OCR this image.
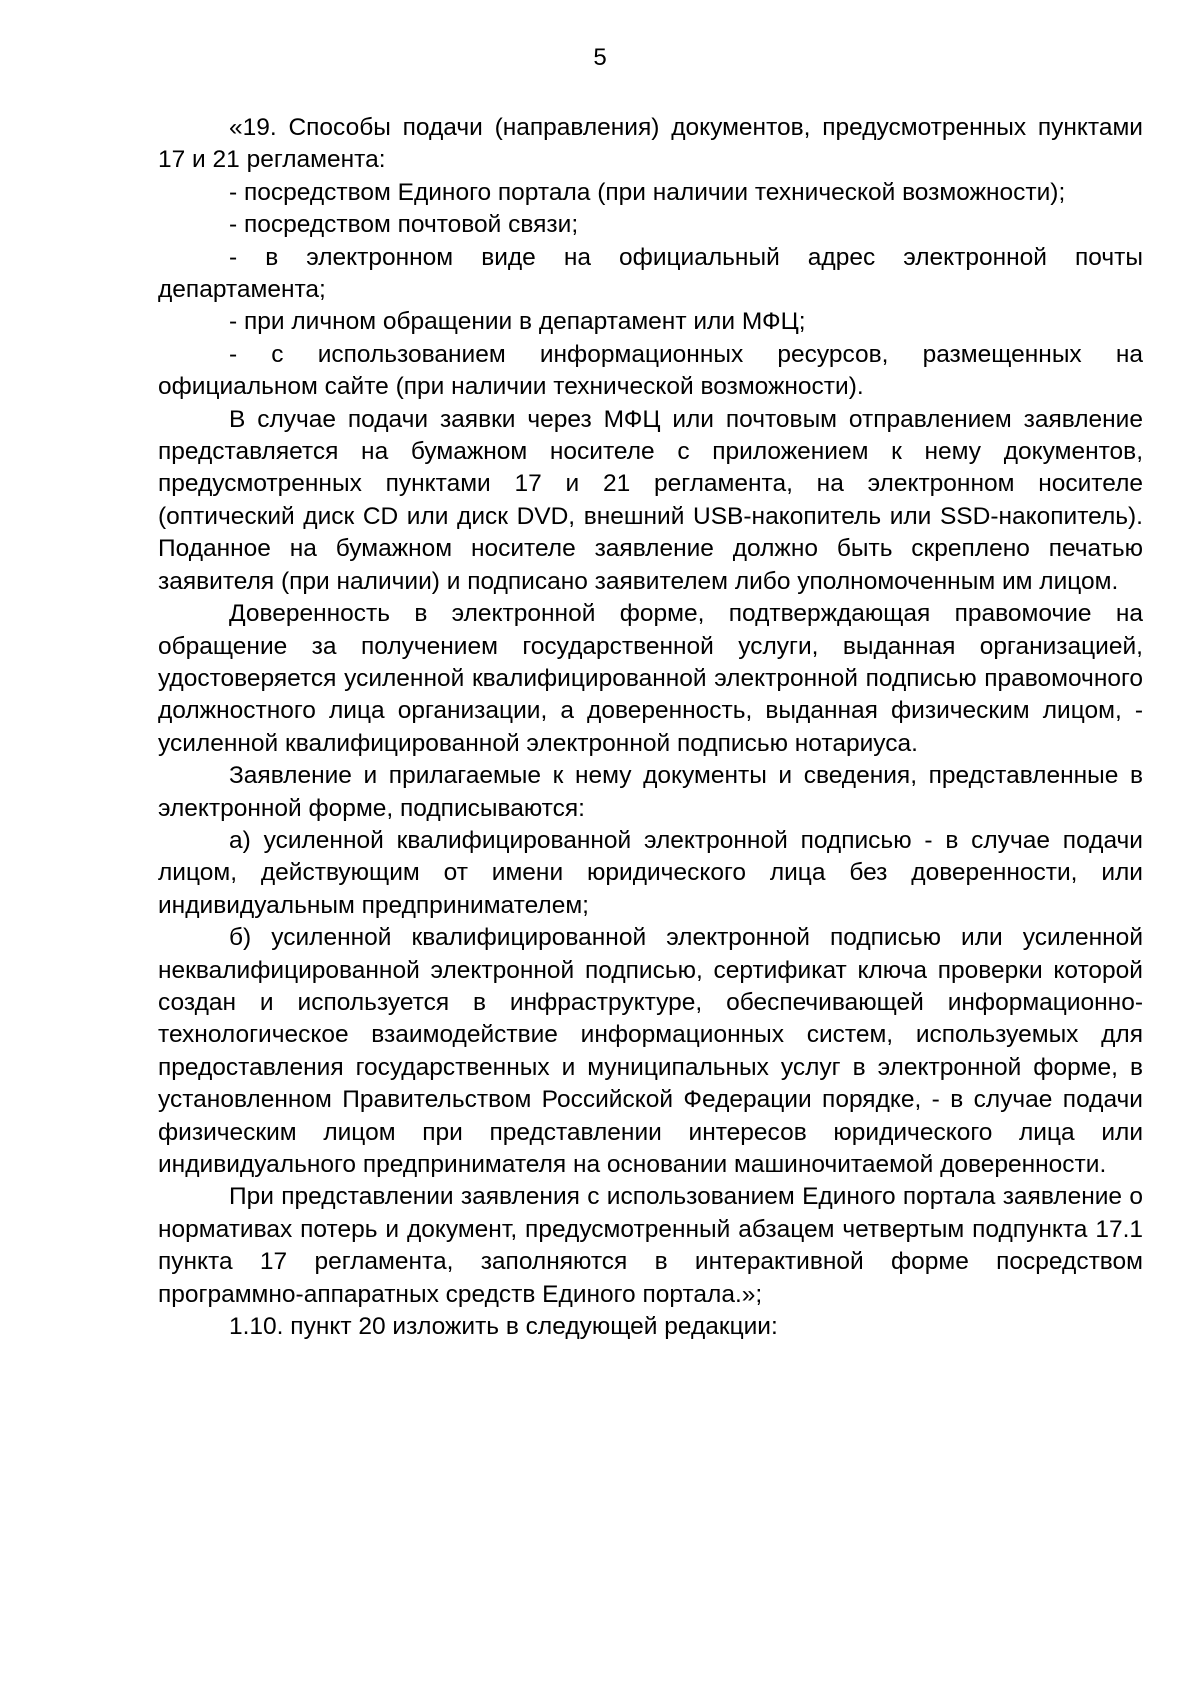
5

«19. Способы подачи (направления) документов, предусмотренных пунктами 17 и 21 регламента:

- посредством Единого портала (при наличии технической возможности);

- посредством почтовой связи;

- в электронном виде на официальный адрес электронной почты департамента;

- при личном обращении в департамент или МФЦ;

- с использованием информационных ресурсов, размещенных на официальном сайте (при наличии технической возможности).

В случае подачи заявки через МФЦ или почтовым отправлением заявление представляется на бумажном носителе с приложением к нему документов, предусмотренных пунктами 17 и 21 регламента, на электронном носителе (оптический диск CD или диск DVD, внешний USB-накопитель или SSD-накопитель). Поданное на бумажном носителе заявление должно быть скреплено печатью заявителя (при наличии) и подписано заявителем либо уполномоченным им лицом.

Доверенность в электронной форме, подтверждающая правомочие на обращение за получением государственной услуги, выданная организацией, удостоверяется усиленной квалифицированной электронной подписью правомочного должностного лица организации, а доверенность, выданная физическим лицом, - усиленной квалифицированной электронной подписью нотариуса.

Заявление и прилагаемые к нему документы и сведения, представленные в электронной форме, подписываются:

а) усиленной квалифицированной электронной подписью - в случае подачи лицом, действующим от имени юридического лица без доверенности, или индивидуальным предпринимателем;

б) усиленной квалифицированной электронной подписью или усиленной неквалифицированной электронной подписью, сертификат ключа проверки которой создан и используется в инфраструктуре, обеспечивающей информационно-технологическое взаимодействие информационных систем, используемых для предоставления государственных и муниципальных услуг в электронной форме, в установленном Правительством Российской Федерации порядке, - в случае подачи физическим лицом при представлении интересов юридического лица или индивидуального предпринимателя на основании машиночитаемой доверенности.

При представлении заявления с использованием Единого портала заявление о нормативах потерь и документ, предусмотренный абзацем четвертым подпункта 17.1 пункта 17 регламента, заполняются в интерактивной форме посредством программно-аппаратных средств Единого портала.»;

1.10. пункт 20 изложить в следующей редакции:
